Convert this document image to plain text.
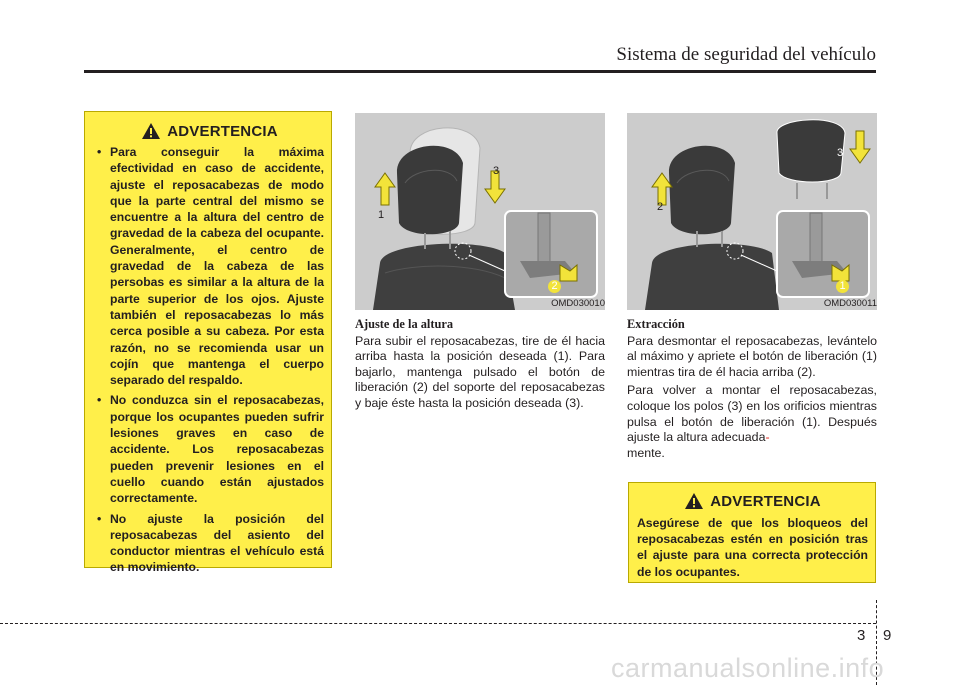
Sistema de seguridad del vehículo
ADVERTENCIA
• Para conseguir la máxima efectividad en caso de accidente, ajuste el reposacabezas de modo que la parte central del mismo se encuentre a la altura del centro de gravedad de la cabeza del ocupante. Generalmente, el centro de gravedad de la cabeza de las persobas es similar a la altura de la parte superior de los ojos. Ajuste también el reposacabezas lo más cerca posible a su cabeza. Por esta razón, no se recomienda usar un cojín que mantenga el cuerpo separado del respaldo.
• No conduzca sin el reposacabezas, porque los ocupantes pueden sufrir lesiones graves en caso de accidente. Los reposacabezas pueden prevenir lesiones en el cuello cuando están ajustados correctamente.
• No ajuste la posición del reposacabezas del asiento del conductor mientras el vehículo está en movimiento.
1
3
2
OMD030010
2
3
1
OMD030011
Ajuste de la altura

Para subir el reposacabezas, tire de él hacia arriba hasta la posición deseada (1). Para bajarlo, mantenga pulsado el botón de liberación (2) del soporte del reposacabezas y baje éste hasta la posición deseada (3).

Extracción

Para desmontar el reposacabezas, levántelo al máximo y apriete el botón de liberación (1) mientras tira de él hacia arriba (2).

Para volver a montar el reposacabezas, coloque los polos (3) en los orificios mientras pulsa el botón de liberación (1). Después ajuste la altura adecuada-
mente.

ADVERTENCIA
Asegúrese de que los bloqueos del reposacabezas estén en posición tras el ajuste para una correcta protección de los ocupantes.
3 9
carmanualsonline.info
